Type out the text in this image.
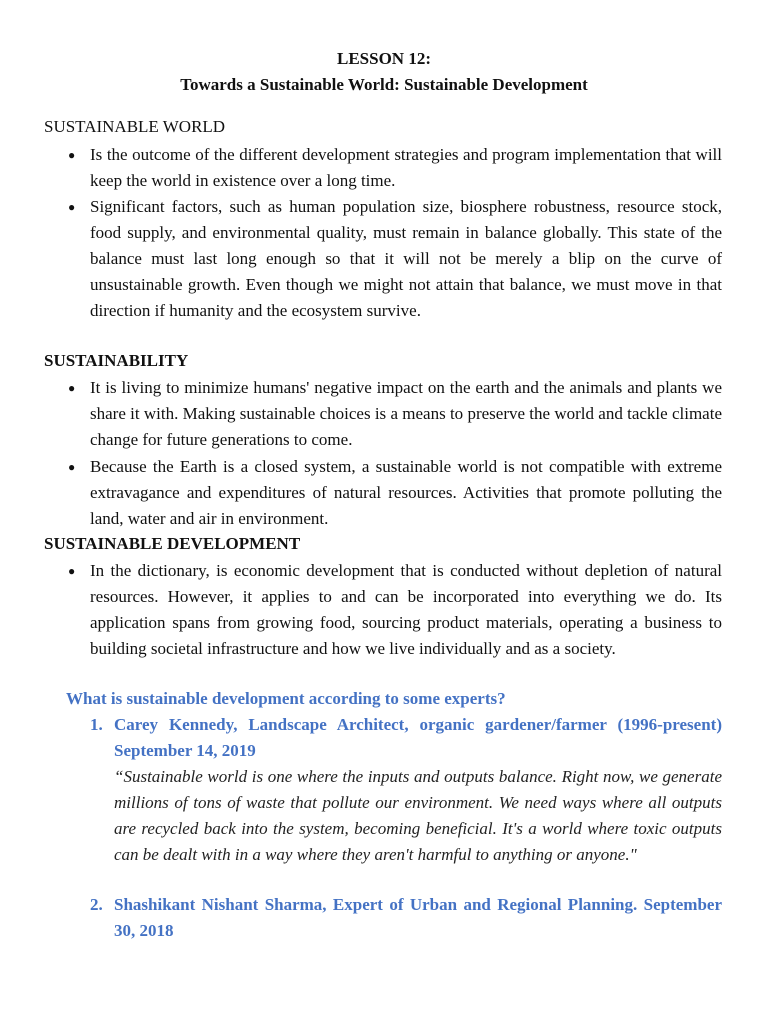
LESSON 12:
Towards a Sustainable World: Sustainable Development
SUSTAINABLE WORLD
● Is the outcome of the different development strategies and program implementation that will keep the world in existence over a long time.
● Significant factors, such as human population size, biosphere robustness, resource stock, food supply, and environmental quality, must remain in balance globally. This state of the balance must last long enough so that it will not be merely a blip on the curve of unsustainable growth. Even though we might not attain that balance, we must move in that direction if humanity and the ecosystem survive.
SUSTAINABILITY
● It is living to minimize humans' negative impact on the earth and the animals and plants we share it with. Making sustainable choices is a means to preserve the world and tackle climate change for future generations to come.
● Because the Earth is a closed system, a sustainable world is not compatible with extreme extravagance and expenditures of natural resources. Activities that promote polluting the land, water and air in environment.
SUSTAINABLE DEVELOPMENT
● In the dictionary, is economic development that is conducted without depletion of natural resources. However, it applies to and can be incorporated into everything we do. Its application spans from growing food, sourcing product materials, operating a business to building societal infrastructure and how we live individually and as a society.
What is sustainable development according to some experts?
1. Carey Kennedy, Landscape Architect, organic gardener/farmer (1996-present) September 14, 2019
“Sustainable world is one where the inputs and outputs balance. Right now, we generate millions of tons of waste that pollute our environment. We need ways where all outputs are recycled back into the system, becoming beneficial. It's a world where toxic outputs can be dealt with in a way where they aren't harmful to anything or anyone."
2. Shashikant Nishant Sharma, Expert of Urban and Regional Planning. September 30, 2018
